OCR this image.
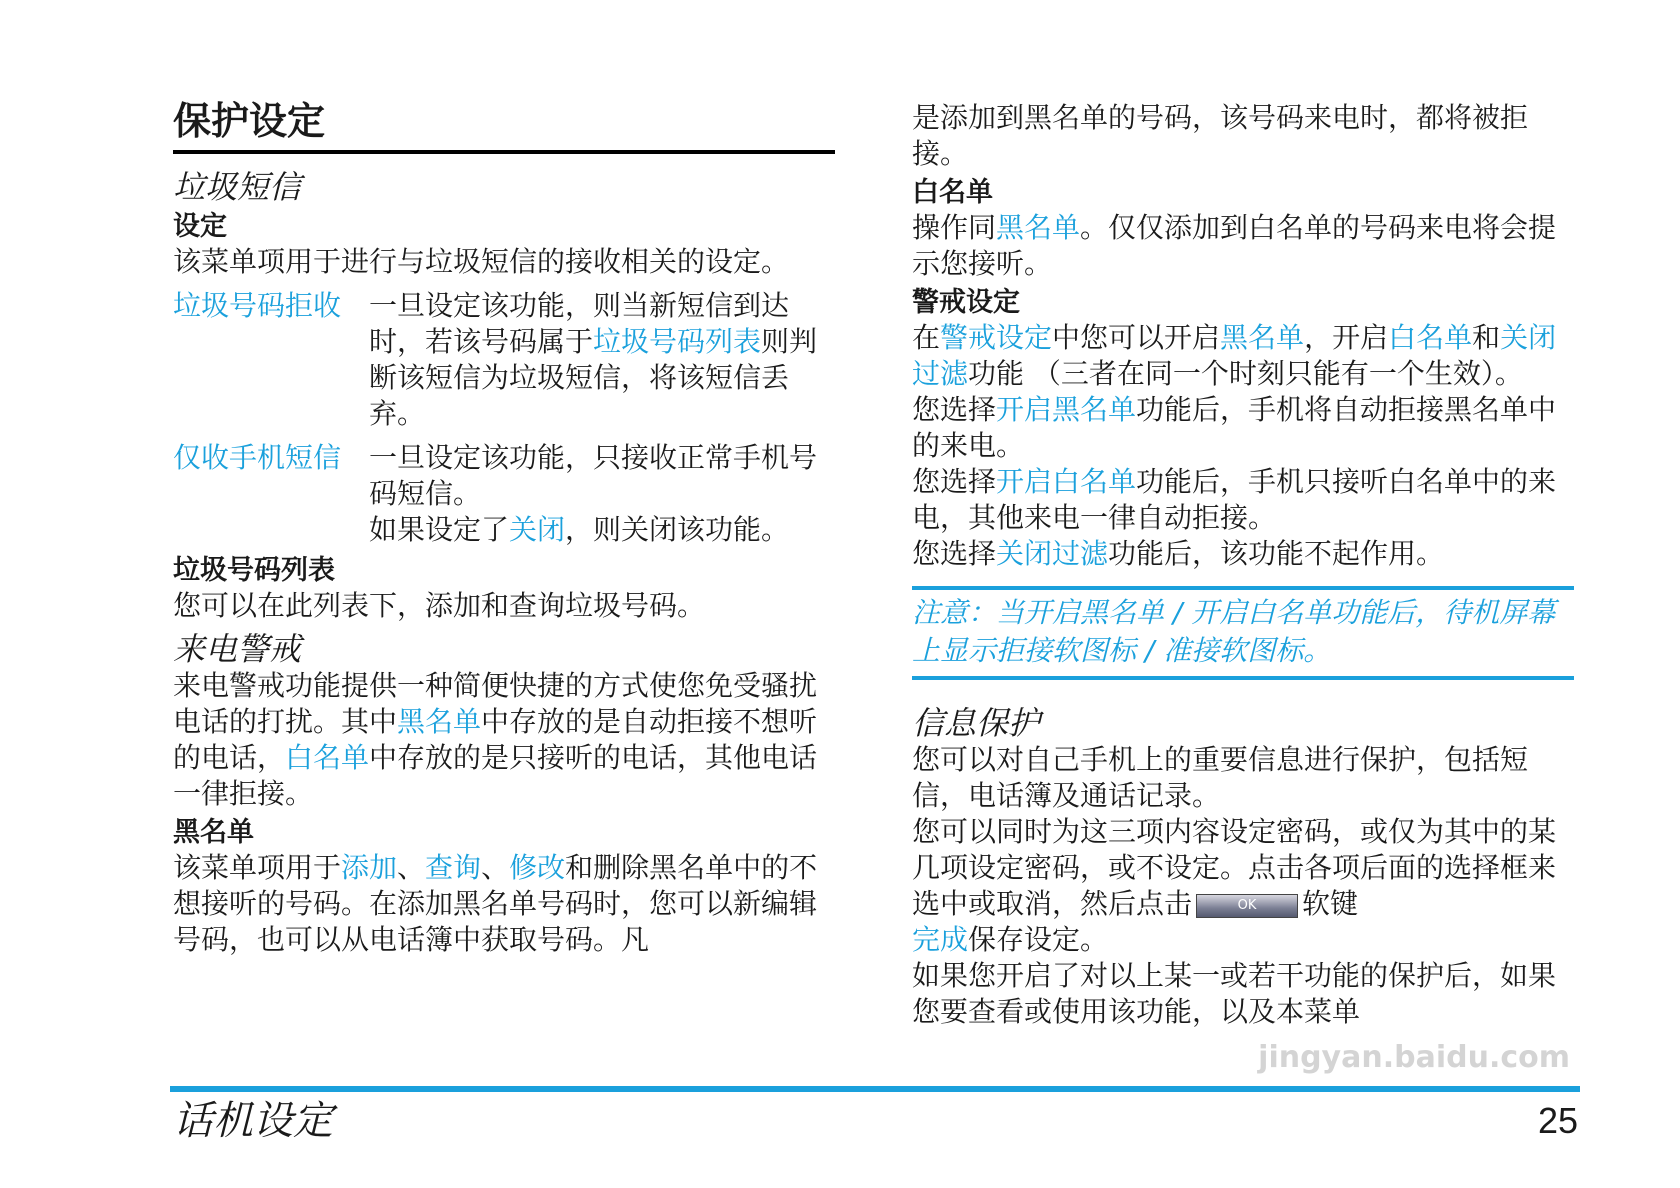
保护设定
垃圾短信
设定

该菜单项用于进行与垃圾短信的接收相关的设定。

垃圾号码拒收 一旦设定该功能，则当新短信到达时，若该号码属于垃圾号码列表则判断该短信为垃圾短信，将该短信丢弃。
仅收手机短信 一旦设定该功能，只接收正常手机号码短信。
如果设定了关闭，则关闭该功能。
垃圾号码列表

您可以在此列表下，添加和查询垃圾号码。

来电警戒

来电警戒功能提供一种简便快捷的方式使您免受骚扰电话的打扰。其中黑名单中存放的是自动拒接不想听的电话，白名单中存放的是只接听的电话，其他电话一律拒接。

黑名单

该菜单项用于添加、查询、修改和删除黑名单中的不想接听的号码。在添加黑名单号码时，您可以新编辑号码，也可以从电话簿中获取号码。凡

是添加到黑名单的号码，该号码来电时，都将被拒接。

白名单

操作同黑名单。仅仅添加到白名单的号码来电将会提示您接听。

警戒设定

在警戒设定中您可以开启黑名单，开启白名单和关闭过滤功能 （三者在同一个时刻只能有一个生效）。

您选择开启黑名单功能后，手机将自动拒接黑名单中的来电。

您选择开启白名单功能后，手机只接听白名单中的来电，其他来电一律自动拒接。

您选择关闭过滤功能后，该功能不起作用。

注意：当开启黑名单 / 开启白名单功能后，待机屏幕上显示拒接软图标 / 准接软图标。
信息保护

您可以对自己手机上的重要信息进行保护，包括短信，电话簿及通话记录。

您可以同时为这三项内容设定密码，或仅为其中的某几项设定密码，或不设定。点击各项后面的选择框来选中或取消，然后点击	OK 软键
完成保存设定。

如果您开启了对以上某一或若干功能的保护后，如果您要查看或使用该功能，以及本菜单

jingyan.baidu.com
话机设定	25
